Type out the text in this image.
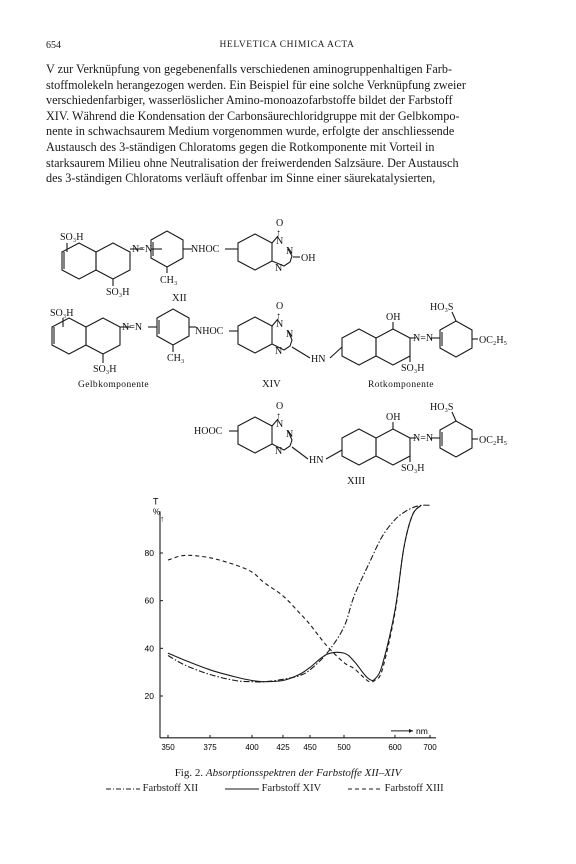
654	HELVETICA CHIMICA ACTA

V zur Verknüpfung von gegebenenfalls verschiedenen aminogruppenhaltigen Farb-

stoffmolekeln herangezogen werden. Ein Beispiel für eine solche Verknüpfung zweier

verschiedenfarbiger, wasserlöslicher Amino-monoazofarbstoffe bildet der Farbstoff

XIV. Während die Kondensation der Carbonsäurechloridgruppe mit der Gelbkompo-

nente in schwachsaurem Medium vorgenommen wurde, erfolgte der anschliessende

Austausch des 3-ständigen Chloratoms gegen die Rotkomponente mit Vorteil in

starksaurem Milieu ohne Neutralisation der freiwerdenden Salzsäure. Der Austausch

des 3-ständigen Chloratoms verläuft offenbar im Sinne einer säurekatalysierten,

SO₃H
SO₃H
N=N
CH₃
NHOC
O
↑
N
N
N
OH
XII
SO₃H
SO₃H
N=N
CH₃
NHOC
O
↑
N
N
N
HN
OH
HO₃S
N=N	OC₂H₅
SO₃H
Gelbkomponente	XIV	Rotkomponente
HOOC
O
↑
N
N
N
HN
OH
HO₃S
N=N	OC₂H₅
SO₃H
XIII
T
%
↑
20
40
60
80
350	375	400 425 450	500	600	700
nm
Fig. 2. Absorptionsspektren der Farbstoffe XII–XIV
Farbstoff XII	Farbstoff XIV	Farbstoff XIII
